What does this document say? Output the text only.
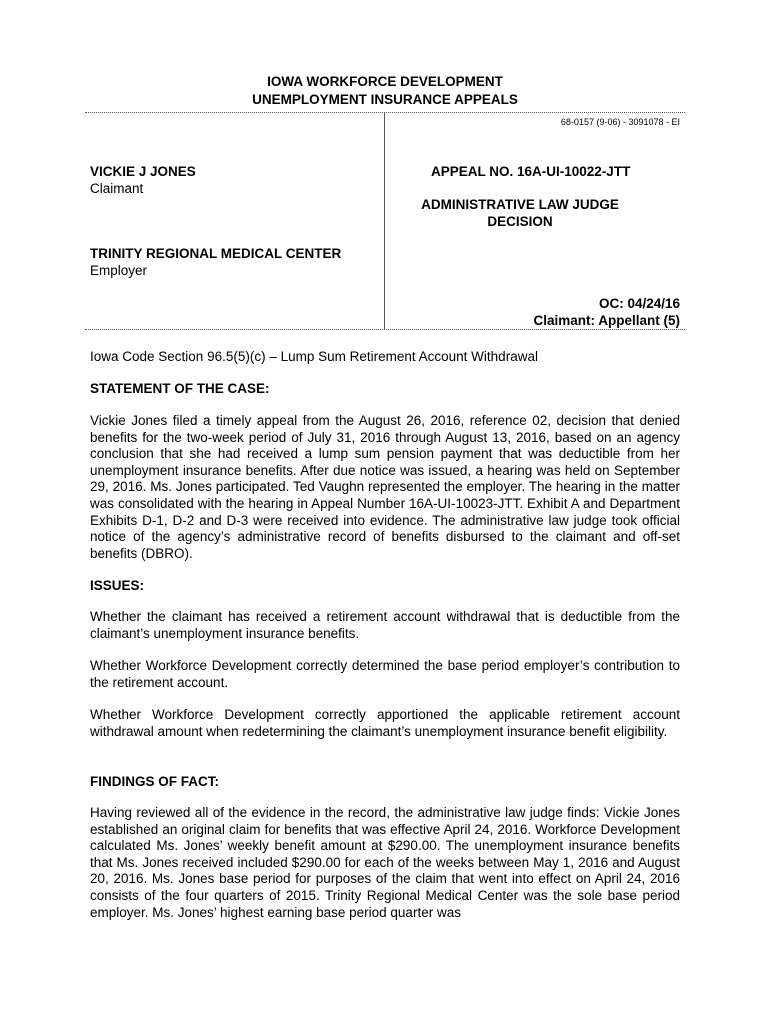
IOWA WORKFORCE DEVELOPMENT
UNEMPLOYMENT INSURANCE APPEALS
68-0157 (9-06) - 3091078 - EI
VICKIE J JONES
Claimant
TRINITY REGIONAL MEDICAL CENTER
Employer
APPEAL NO. 16A-UI-10022-JTT
ADMINISTRATIVE LAW JUDGE
DECISION
OC: 04/24/16
Claimant: Appellant (5)
Iowa Code Section 96.5(5)(c) – Lump Sum Retirement Account Withdrawal
STATEMENT OF THE CASE:

Vickie Jones filed a timely appeal from the August 26, 2016, reference 02, decision that denied benefits for the two-week period of July 31, 2016 through August 13, 2016, based on an agency conclusion that she had received a lump sum pension payment that was deductible from her unemployment insurance benefits. After due notice was issued, a hearing was held on September 29, 2016. Ms. Jones participated. Ted Vaughn represented the employer. The hearing in the matter was consolidated with the hearing in Appeal Number 16A-UI-10023-JTT. Exhibit A and Department Exhibits D-1, D-2 and D-3 were received into evidence. The administrative law judge took official notice of the agency’s administrative record of benefits disbursed to the claimant and off-set benefits (DBRO).

ISSUES:

Whether the claimant has received a retirement account withdrawal that is deductible from the claimant’s unemployment insurance benefits.

Whether Workforce Development correctly determined the base period employer’s contribution to the retirement account.

Whether Workforce Development correctly apportioned the applicable retirement account withdrawal amount when redetermining the claimant’s unemployment insurance benefit eligibility.

FINDINGS OF FACT:

Having reviewed all of the evidence in the record, the administrative law judge finds: Vickie Jones established an original claim for benefits that was effective April 24, 2016. Workforce Development calculated Ms. Jones’ weekly benefit amount at $290.00. The unemployment insurance benefits that Ms. Jones received included $290.00 for each of the weeks between May 1, 2016 and August 20, 2016. Ms. Jones base period for purposes of the claim that went into effect on April 24, 2016 consists of the four quarters of 2015. Trinity Regional Medical Center was the sole base period employer. Ms. Jones’ highest earning base period quarter was
